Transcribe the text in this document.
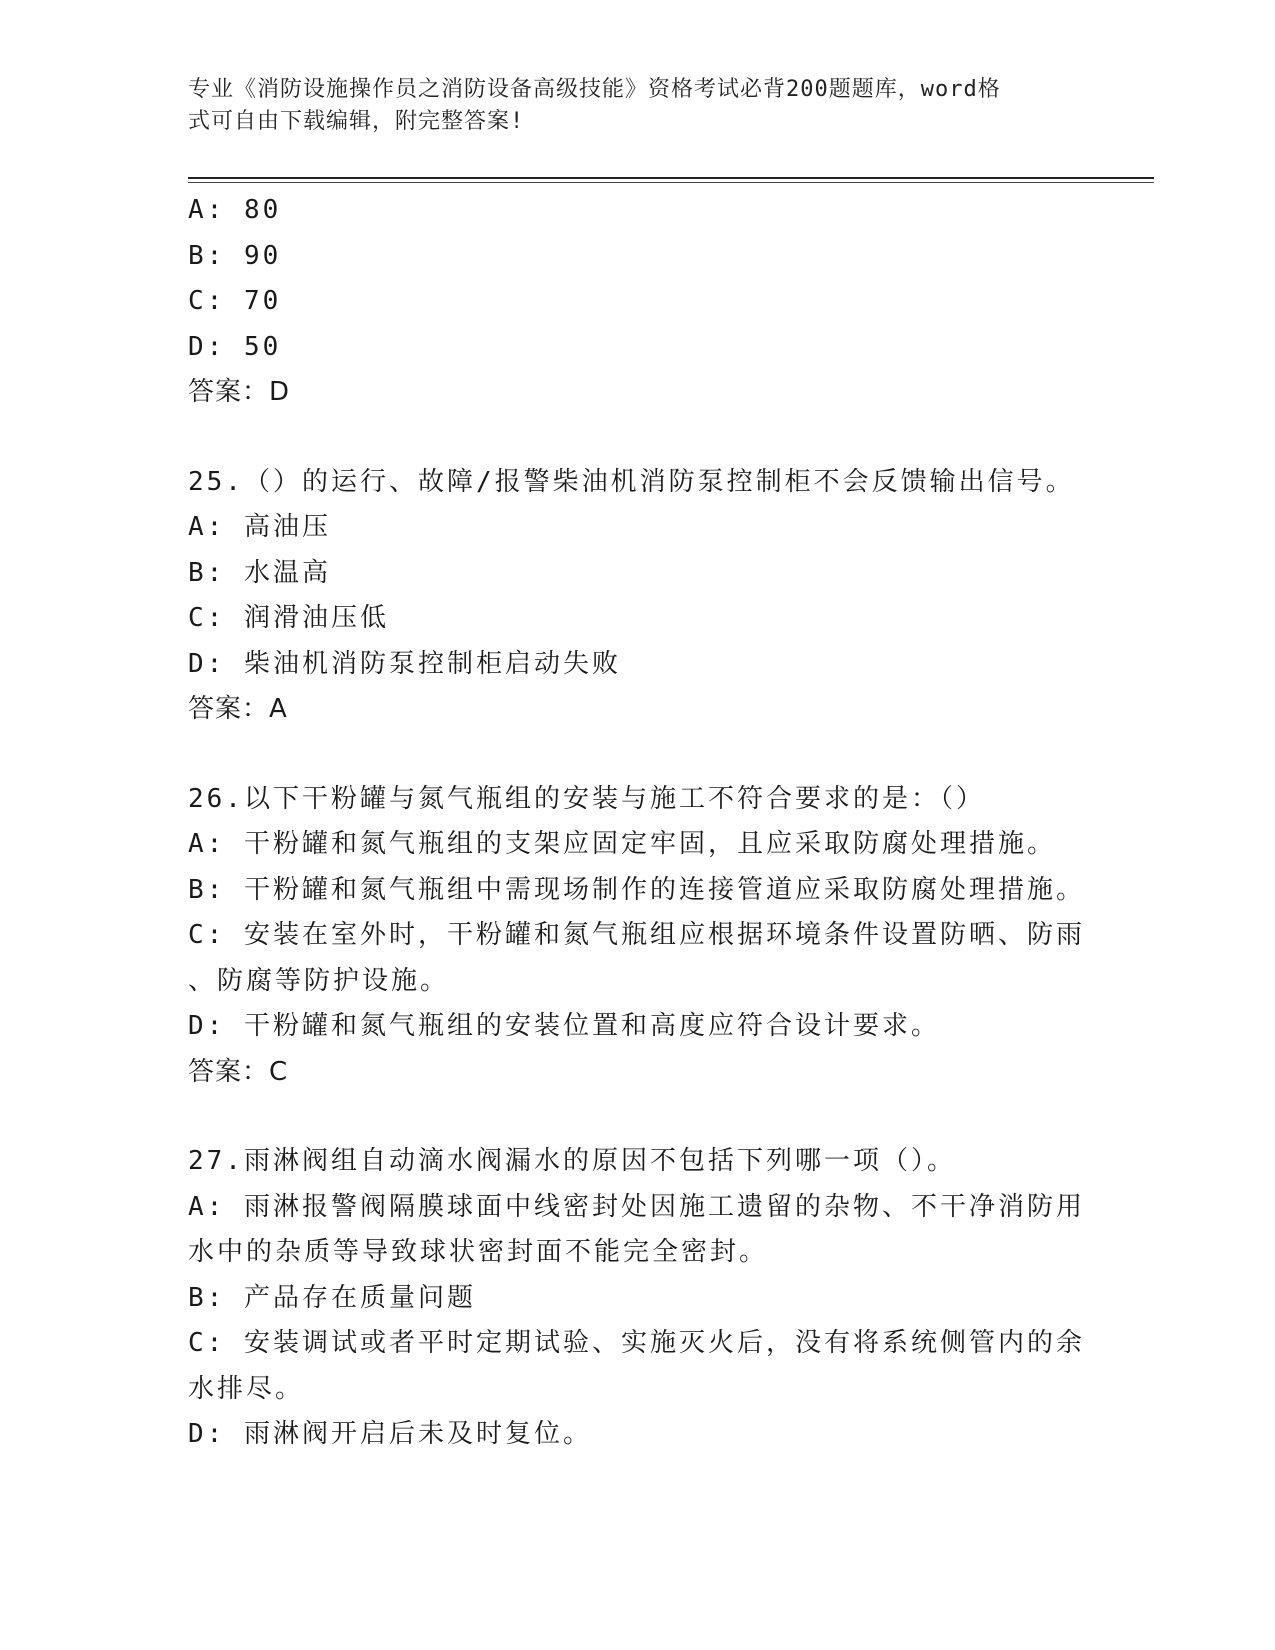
专业《消防设施操作员之消防设备高级技能》资格考试必背200题题库，word格
式可自由下载编辑，附完整答案!
A: 80
B: 90
C: 70
D: 50
答案：D
25.（）的运行、故障/报警柴油机消防泵控制柜不会反馈输出信号。
A: 高油压
B: 水温高
C: 润滑油压低
D: 柴油机消防泵控制柜启动失败
答案：A
26.以下干粉罐与氮气瓶组的安装与施工不符合要求的是：（）
A: 干粉罐和氮气瓶组的支架应固定牢固，且应采取防腐处理措施。
B: 干粉罐和氮气瓶组中需现场制作的连接管道应采取防腐处理措施。
C: 安装在室外时，干粉罐和氮气瓶组应根据环境条件设置防晒、防雨
、防腐等防护设施。
D: 干粉罐和氮气瓶组的安装位置和高度应符合设计要求。
答案：C
27.雨淋阀组自动滴水阀漏水的原因不包括下列哪一项（）。
A: 雨淋报警阀隔膜球面中线密封处因施工遗留的杂物、不干净消防用
水中的杂质等导致球状密封面不能完全密封。
B: 产品存在质量问题
C: 安装调试或者平时定期试验、实施灭火后，没有将系统侧管内的余
水排尽。
D: 雨淋阀开启后未及时复位。
